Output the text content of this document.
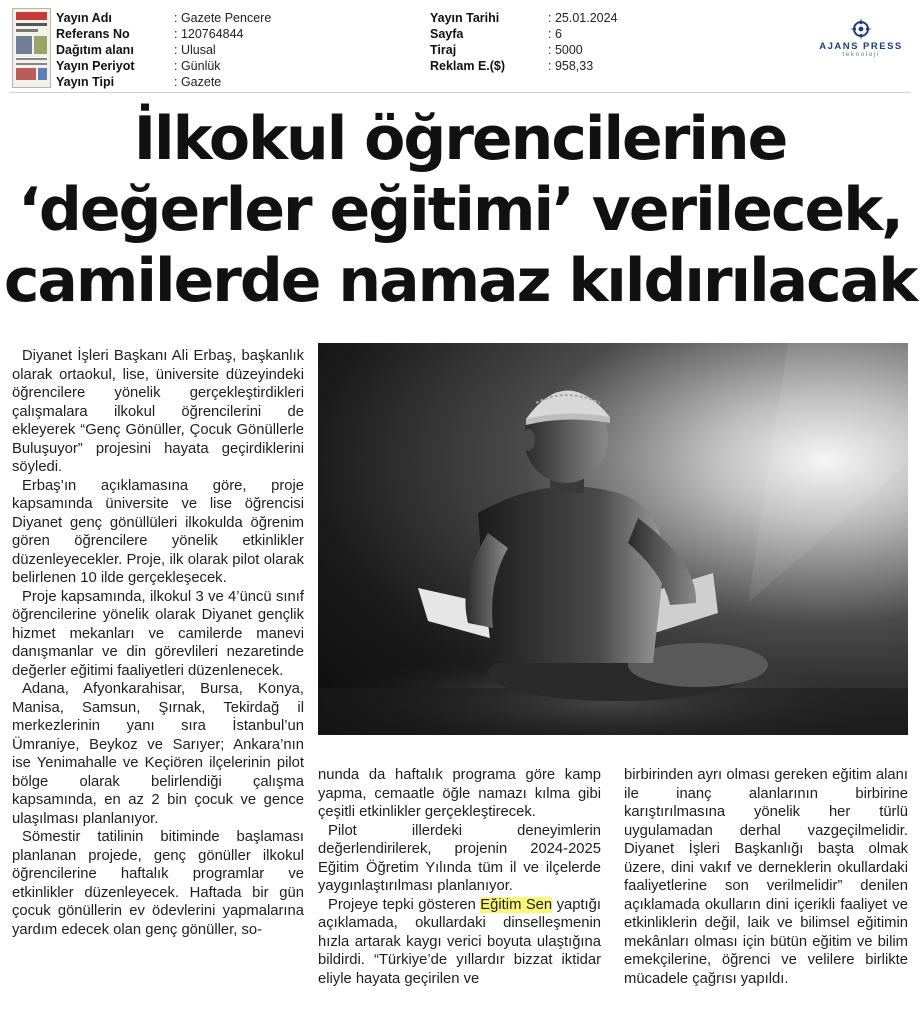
Yayın Adı	: Gazete Pencere
Referans No	: 120764844
Dağıtım alanı	: Ulusal
Yayın Periyot	: Günlük
Yayın Tipi	: Gazete
Yayın Tarihi	: 25.01.2024
Sayfa	: 6
Tiraj	: 5000
Reklam E.($)	: 958,33
AJANS PRESS
teknoloji
İlkokul öğrencilerine
‘değerler eğitimi’ verilecek,
camilerde namaz kıldırılacak

Diyanet İşleri Başkanı Ali Erbaş, başkanlık olarak ortaokul, lise, üniversite düzeyindeki öğrencilere yönelik gerçekleştirdikleri çalışmalara ilkokul öğrencilerini de ekleyerek “Genç Gönüller, Çocuk Gönüllerle Buluşuyor” projesini hayata geçirdiklerini söyledi.

Erbaş’ın açıklamasına göre, proje kapsamında üniversite ve lise öğrencisi Diyanet genç gönüllüleri ilkokulda öğrenim gören öğrencilere yönelik etkinlikler düzenleyecekler. Proje, ilk olarak pilot olarak belirlenen 10 ilde gerçekleşecek.

Proje kapsamında, ilkokul 3 ve 4’üncü sınıf öğrencilerine yönelik olarak Diyanet gençlik hizmet mekanları ve camilerde manevi danışmanlar ve din görevlileri nezaretinde değerler eğitimi faaliyetleri düzenlenecek.

Adana, Afyonkarahisar, Bursa, Konya, Manisa, Samsun, Şırnak, Tekirdağ il merkezlerinin yanı sıra İstanbul’un Ümraniye, Beykoz ve Sarıyer; Ankara’nın ise Yenimahalle ve Keçiören ilçelerinin pilot bölge olarak belirlendiği çalışma kapsamında, en az 2 bin çocuk ve gence ulaşılması planlanıyor.

Sömestir tatilinin bitiminde başlaması planlanan projede, genç gönüller ilkokul öğrencilerine haftalık programlar ve etkinlikler düzenleyecek. Haftada bir gün çocuk gönüllerin ev ödevlerini yapmalarına yardım edecek olan genç gönüller, so-

nunda da haftalık programa göre kamp yapma, cemaatle öğle namazı kılma gibi çeşitli etkinlikler gerçekleştirecek.

Pilot illerdeki deneyimlerin değerlendirilerek, projenin 2024-2025 Eğitim Öğretim Yılında tüm il ve ilçelerde yaygınlaştırılması planlanıyor.

Projeye tepki gösteren Eğitim Sen yaptığı açıklamada, okullardaki dinselleşmenin hızla artarak kaygı verici boyuta ulaştığına bildirdi. “Türkiye’de yıllardır bizzat iktidar eliyle hayata geçirilen ve

birbirinden ayrı olması gereken eğitim alanı ile inanç alanlarının birbirine karıştırılmasına yönelik her türlü uygulamadan derhal vazgeçilmelidir. Diyanet İşleri Başkanlığı başta olmak üzere, dini vakıf ve derneklerin okullardaki faaliyetlerine son verilmelidir” denilen açıklamada okulların dini içerikli faaliyet ve etkinliklerin değil, laik ve bilimsel eğitimin mekânları olması için bütün eğitim ve bilim emekçilerine, öğrenci ve velilere birlikte mücadele çağrısı yapıldı.
